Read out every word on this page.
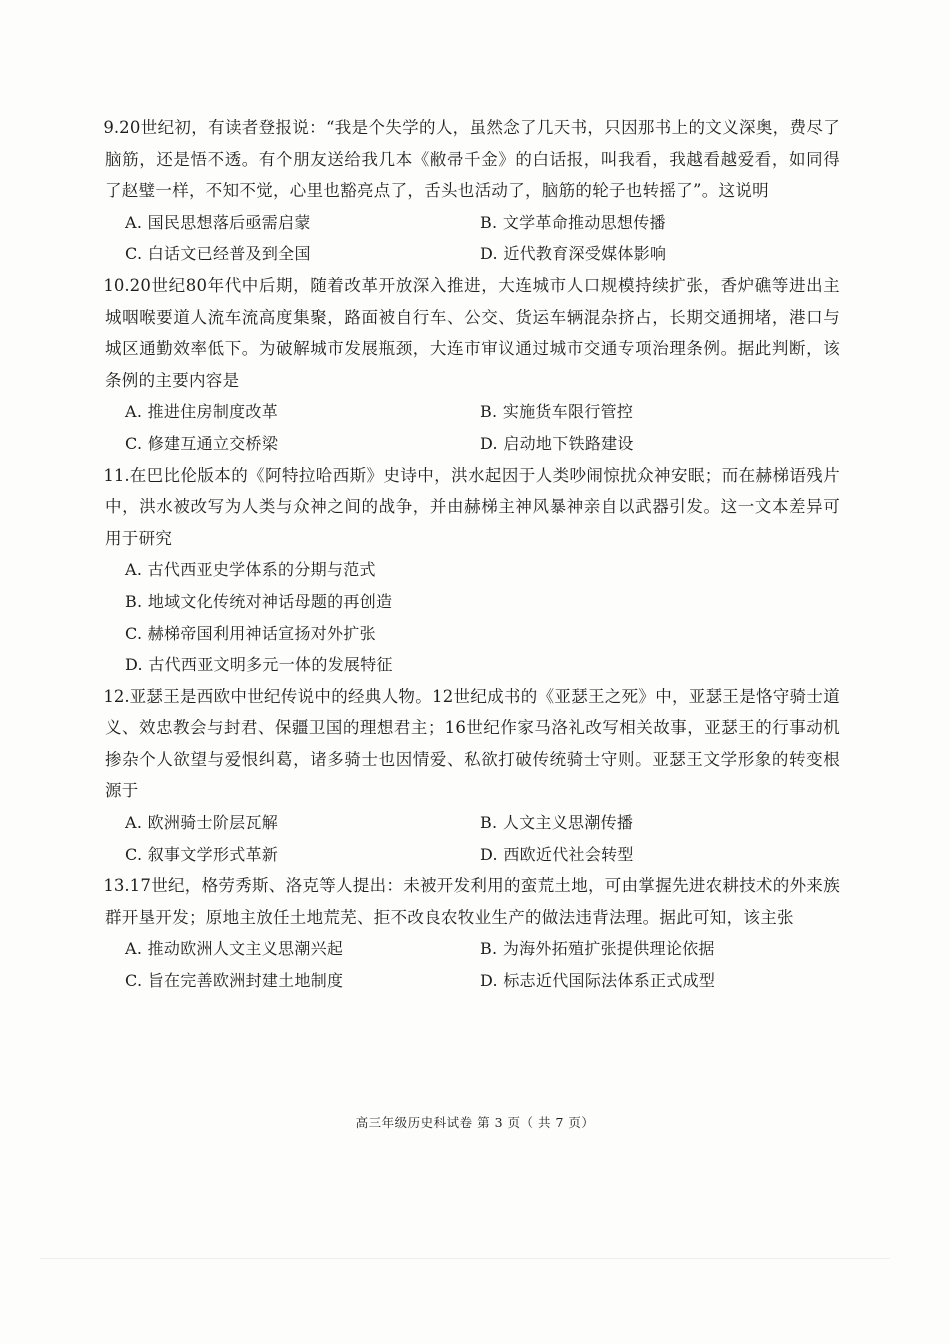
9.20世纪初，有读者登报说：“我是个失学的人，虽然念了几天书，只因那书上的文义深奥，费尽了脑筋，还是悟不透。有个朋友送给我几本《敝帚千金》的白话报，叫我看，我越看越爱看，如同得了赵璧一样，不知不觉，心里也豁亮点了，舌头也活动了，脑筋的轮子也转摇了”。这说明
A. 国民思想落后亟需启蒙	B. 文学革命推动思想传播
C. 白话文已经普及到全国	D. 近代教育深受媒体影响
10.20世纪80年代中后期，随着改革开放深入推进，大连城市人口规模持续扩张，香炉礁等进出主城咽喉要道人流车流高度集聚，路面被自行车、公交、货运车辆混杂挤占，长期交通拥堵，港口与城区通勤效率低下。为破解城市发展瓶颈，大连市审议通过城市交通专项治理条例。据此判断，该条例的主要内容是
A. 推进住房制度改革	B. 实施货车限行管控
C. 修建互通立交桥梁	D. 启动地下铁路建设
11.在巴比伦版本的《阿特拉哈西斯》史诗中，洪水起因于人类吵闹惊扰众神安眠；而在赫梯语残片中，洪水被改写为人类与众神之间的战争，并由赫梯主神风暴神亲自以武器引发。这一文本差异可用于研究
A. 古代西亚史学体系的分期与范式
B. 地域文化传统对神话母题的再创造
C. 赫梯帝国利用神话宣扬对外扩张
D. 古代西亚文明多元一体的发展特征
12.亚瑟王是西欧中世纪传说中的经典人物。12世纪成书的《亚瑟王之死》中，亚瑟王是恪守骑士道义、效忠教会与封君、保疆卫国的理想君主；16世纪作家马洛礼改写相关故事，亚瑟王的行事动机掺杂个人欲望与爱恨纠葛，诸多骑士也因情爱、私欲打破传统骑士守则。亚瑟王文学形象的转变根源于
A. 欧洲骑士阶层瓦解	B. 人文主义思潮传播
C. 叙事文学形式革新	D. 西欧近代社会转型
13.17世纪，格劳秀斯、洛克等人提出：未被开发利用的蛮荒土地，可由掌握先进农耕技术的外来族群开垦开发；原地主放任土地荒芜、拒不改良农牧业生产的做法违背法理。据此可知，该主张
A. 推动欧洲人文主义思潮兴起	B. 为海外拓殖扩张提供理论依据
C. 旨在完善欧洲封建土地制度	D. 标志近代国际法体系正式成型
高三年级历史科试卷 第 3 页（ 共 7 页）
